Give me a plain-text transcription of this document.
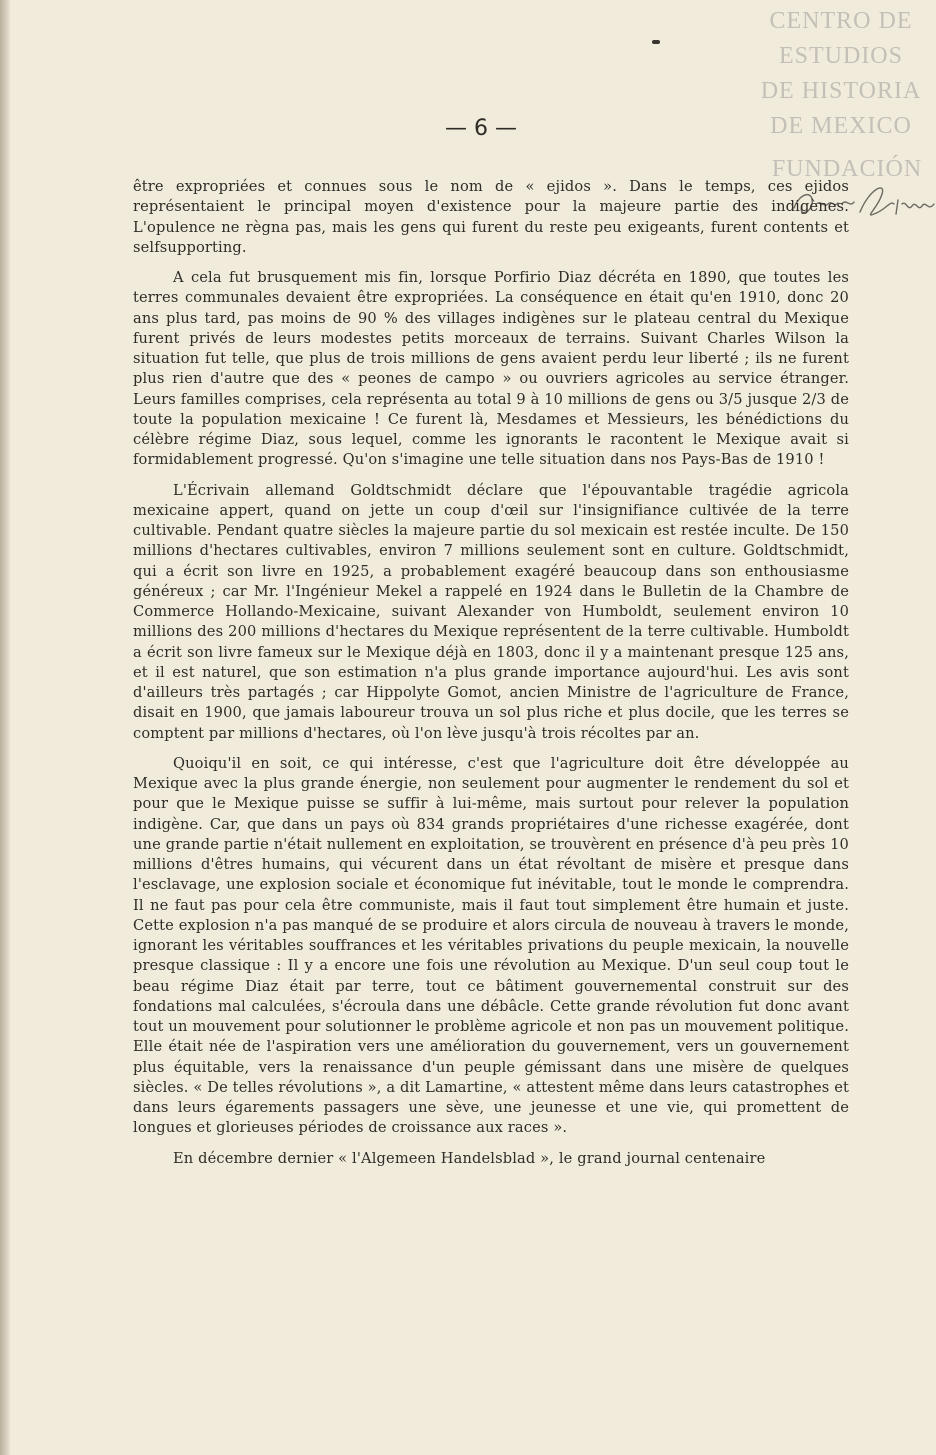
CENTRO DE
ESTUDIOS
DE HISTORIA
DE MEXICO
FUNDACIÓN
— 6 —

être expropriées et connues sous le nom de « ejidos ». Dans le temps, ces ejidos représentaient le principal moyen d'existence pour la majeure partie des indigènes. L'opulence ne règna pas, mais les gens qui furent du reste peu exigeants, furent contents et selfsupporting.

A cela fut brusquement mis fin, lorsque Porfirio Diaz décréta en 1890, que toutes les terres communales devaient être expropriées. La conséquence en était qu'en 1910, donc 20 ans plus tard, pas moins de 90 % des villages indigènes sur le plateau central du Mexique furent privés de leurs modestes petits morceaux de terrains. Suivant Charles Wilson la situation fut telle, que plus de trois millions de gens avaient perdu leur liberté ; ils ne furent plus rien d'autre que des « peones de campo » ou ouvriers agricoles au service étranger. Leurs familles comprises, cela représenta au total 9 à 10 millions de gens ou 3/5 jusque 2/3 de toute la population mexicaine ! Ce furent là, Mesdames et Messieurs, les bénédictions du célèbre régime Diaz, sous lequel, comme les ignorants le racontent le Mexique avait si formidablement progressé. Qu'on s'imagine une telle situation dans nos Pays-Bas de 1910 !

L'Écrivain allemand Goldtschmidt déclare que l'épouvantable tragédie agricola mexicaine appert, quand on jette un coup d'œil sur l'insignifiance cultivée de la terre cultivable. Pendant quatre siècles la majeure partie du sol mexicain est restée inculte. De 150 millions d'hectares cultivables, environ 7 millions seulement sont en culture. Goldtschmidt, qui a écrit son livre en 1925, a probablement exagéré beaucoup dans son enthousiasme généreux ; car Mr. l'Ingénieur Mekel a rappelé en 1924 dans le Bulletin de la Chambre de Commerce Hollando-Mexicaine, suivant Alexander von Humboldt, seulement environ 10 millions des 200 millions d'hectares du Mexique représentent de la terre cultivable. Humboldt a écrit son livre fameux sur le Mexique déjà en 1803, donc il y a maintenant presque 125 ans, et il est naturel, que son estimation n'a plus grande importance aujourd'hui. Les avis sont d'ailleurs très partagés ; car Hippolyte Gomot, ancien Ministre de l'agriculture de France, disait en 1900, que jamais laboureur trouva un sol plus riche et plus docile, que les terres se comptent par millions d'hectares, où l'on lève jusqu'à trois récoltes par an.

Quoiqu'il en soit, ce qui intéresse, c'est que l'agriculture doit être développée au Mexique avec la plus grande énergie, non seulement pour augmenter le rendement du sol et pour que le Mexique puisse se suffir à lui-même, mais surtout pour relever la population indigène. Car, que dans un pays où 834 grands propriétaires d'une richesse exagérée, dont une grande partie n'était nullement en exploitation, se trouvèrent en présence d'à peu près 10 millions d'êtres humains, qui vécurent dans un état révoltant de misère et presque dans l'esclavage, une explosion sociale et économique fut inévitable, tout le monde le comprendra. Il ne faut pas pour cela être communiste, mais il faut tout simplement être humain et juste. Cette explosion n'a pas manqué de se produire et alors circula de nouveau à travers le monde, ignorant les véritables souffrances et les véritables privations du peuple mexicain, la nouvelle presque classique : Il y a encore une fois une révolution au Mexique. D'un seul coup tout le beau régime Diaz était par terre, tout ce bâtiment gouvernemental construit sur des fondations mal calculées, s'écroula dans une débâcle. Cette grande révolution fut donc avant tout un mouvement pour solutionner le problème agricole et non pas un mouvement politique. Elle était née de l'aspiration vers une amélioration du gouvernement, vers un gouvernement plus équitable, vers la renaissance d'un peuple gémissant dans une misère de quelques siècles. « De telles révolutions », a dit Lamartine, « attestent même dans leurs catastrophes et dans leurs égarements passagers une sève, une jeunesse et une vie, qui promettent de longues et glorieuses périodes de croissance aux races ».

En décembre dernier « l'Algemeen Handelsblad », le grand journal centenaire
